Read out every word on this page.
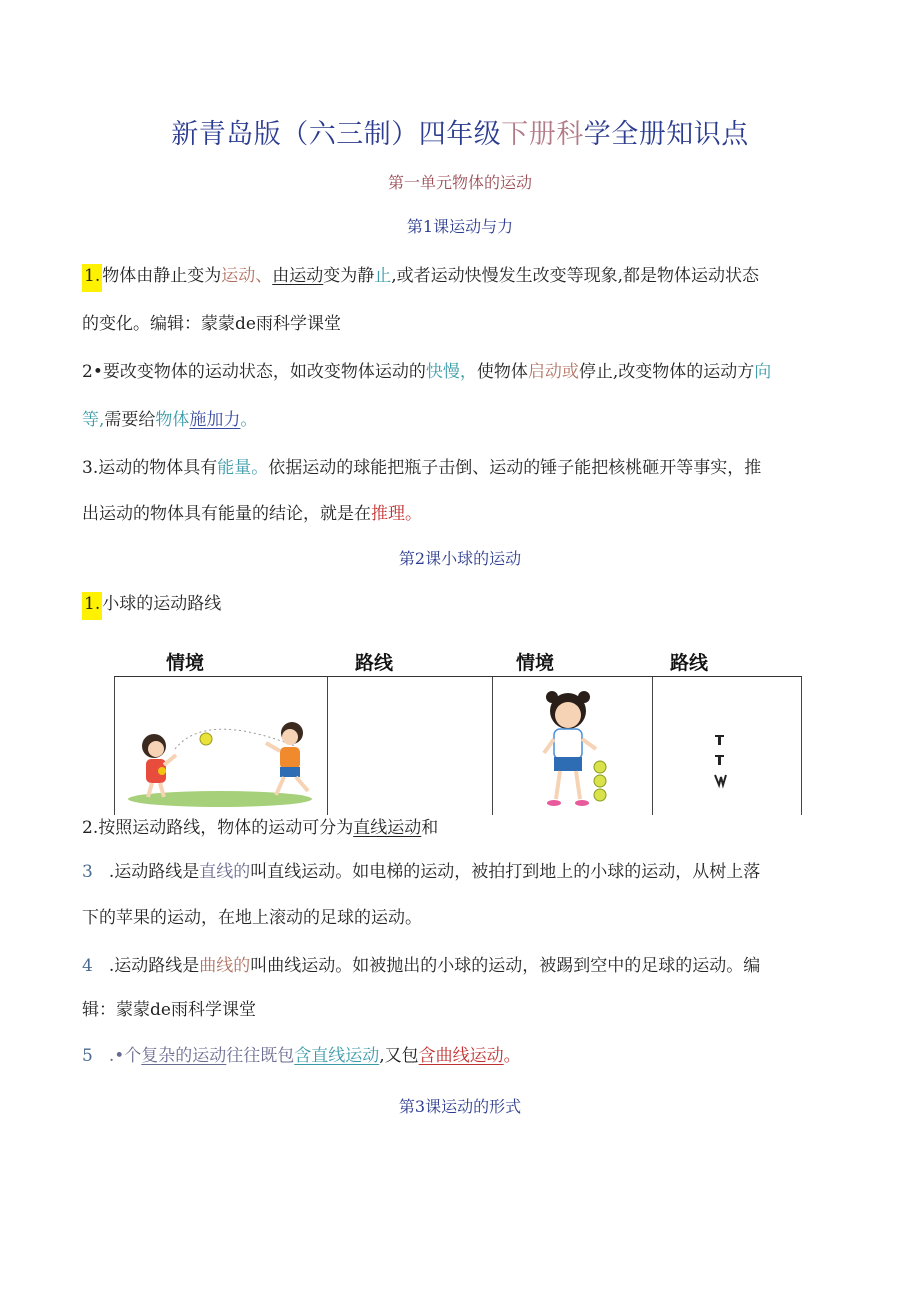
新青岛版（六三制）四年级下册科学全册知识点
第一单元物体的运动
第1课运动与力
1. 物体由静止变为运动、由运动变为静止,或者运动快慢发生改变等现象,都是物体运动状态
的变化。编辑：蒙蒙de雨科学课堂
2•要改变物体的运动状态，如改变物体运动的快慢，使物体启动或停止,改变物体的运动方向
等,需要给物体施加力。
3.运动的物体具有能量。依据运动的球能把瓶子击倒、运动的锤子能把核桃砸开等事实，推
出运动的物体具有能量的结论，就是在推理。
第2课小球的运动
1. 小球的运动路线
情境	路线	情境	路线
2.按照运动路线，物体的运动可分为直线运动和
3 .运动路线是直线的叫直线运动。如电梯的运动，被拍打到地上的小球的运动，从树上落
下的苹果的运动，在地上滚动的足球的运动。
4 .运动路线是曲线的叫曲线运动。如被抛出的小球的运动，被踢到空中的足球的运动。编
辑：蒙蒙de雨科学课堂
5 .•个复杂的运动往往既包含直线运动,又包含曲线运动。
第3课运动的形式
